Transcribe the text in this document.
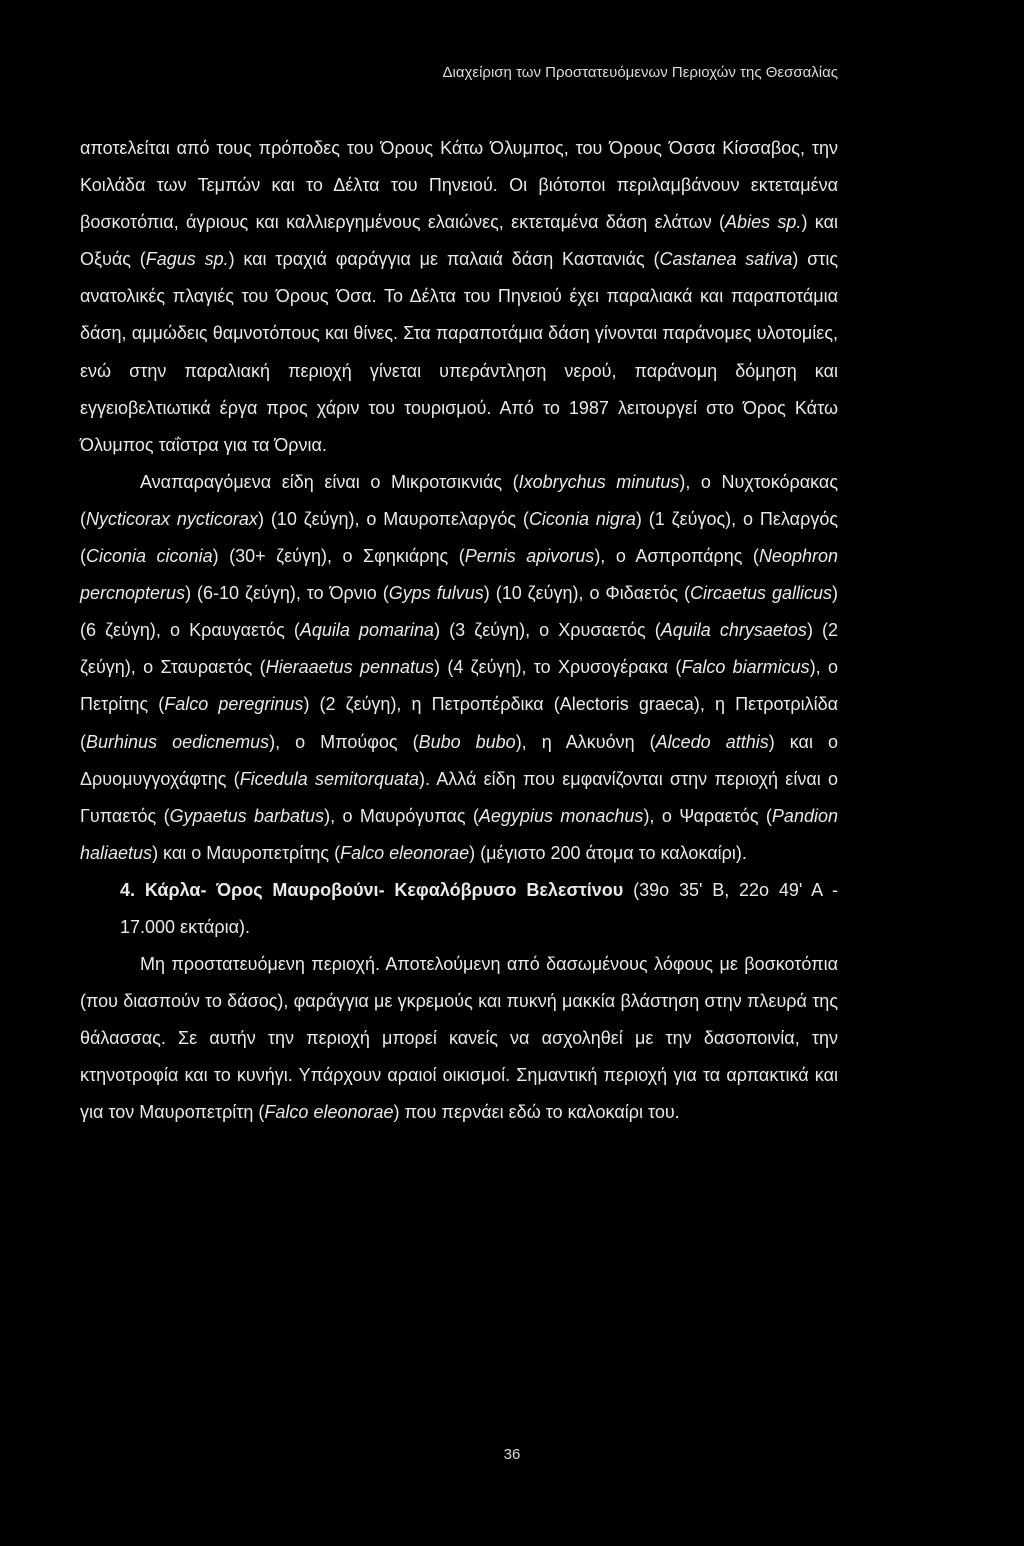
Διαχείριση των Προστατευόμενων Περιοχών της Θεσσαλίας

αποτελείται από τους πρόποδες του Όρους Κάτω Όλυμπος, του Όρους Όσσα Κίσσαβος, την Κοιλάδα των Τεμπών και το Δέλτα του Πηνειού. Οι βιότοποι περιλαμβάνουν εκτεταμένα βοσκοτόπια, άγριους και καλλιεργημένους ελαιώνες, εκτεταμένα δάση ελάτων (Abies sp.) και Οξυάς (Fagus sp.) και τραχιά φαράγγια με παλαιά δάση Καστανιάς (Castanea sativa) στις ανατολικές πλαγιές του Όρους Όσα. Το Δέλτα του Πηνειού έχει παραλιακά και παραποτάμια δάση, αμμώδεις θαμνοτόπους και θίνες. Στα παραποτάμια δάση γίνονται παράνομες υλοτομίες, ενώ στην παραλιακή περιοχή γίνεται υπεράντληση νερού, παράνομη δόμηση και εγγειοβελτιωτικά έργα προς χάριν του τουρισμού. Από το 1987 λειτουργεί στο Όρος Κάτω Όλυμπος ταΐστρα για τα Όρνια.

Αναπαραγόμενα είδη είναι ο Μικροτσικνιάς (Ixobrychus minutus), ο Νυχτοκόρακας (Nycticorax nycticorax) (10 ζεύγη), ο Μαυροπελαργός (Ciconia nigra) (1 ζεύγος), ο Πελαργός (Ciconia ciconia) (30+ ζεύγη), ο Σφηκιάρης (Pernis apivorus), ο Ασπροπάρης (Neophron percnopterus) (6-10 ζεύγη), το Όρνιο (Gyps fulvus) (10 ζεύγη), ο Φιδαετός (Circaetus gallicus) (6 ζεύγη), ο Κραυγαετός (Aquila pomarina) (3 ζεύγη), ο Χρυσαετός (Aquila chrysaetos) (2 ζεύγη), ο Σταυραετός (Hieraaetus pennatus) (4 ζεύγη), το Χρυσογέρακα (Falco biarmicus), ο Πετρίτης (Falco peregrinus) (2 ζεύγη), η Πετροπέρδικα (Alectoris graeca), η Πετροτριλίδα (Burhinus oedicnemus), ο Μπούφος (Bubo bubo), η Αλκυόνη (Alcedo atthis) και ο Δρυομυγγοχάφτης (Ficedula semitorquata). Αλλά είδη που εμφανίζονται στην περιοχή είναι ο Γυπαετός (Gypaetus barbatus), ο Μαυρόγυπας (Aegypius monachus), ο Ψαραετός (Pandion haliaetus) και ο Μαυροπετρίτης (Falco eleonorae) (μέγιστο 200 άτομα το καλοκαίρι).

4. Κάρλα- Όρος Μαυροβούνι- Κεφαλόβρυσο Βελεστίνου (39ο 35' Β, 22ο 49' Α - 17.000 εκτάρια).

Μη προστατευόμενη περιοχή. Αποτελούμενη από δασωμένους λόφους με βοσκοτόπια (που διασπούν το δάσος), φαράγγια με γκρεμούς και πυκνή μακκία βλάστηση στην πλευρά της θάλασσας. Σε αυτήν την περιοχή μπορεί κανείς να ασχοληθεί με την δασοποινία, την κτηνοτροφία και το κυνήγι. Υπάρχουν αραιοί οικισμοί. Σημαντική περιοχή για τα αρπακτικά και για τον Μαυροπετρίτη (Falco eleonorae) που περνάει εδώ το καλοκαίρι του.

36
